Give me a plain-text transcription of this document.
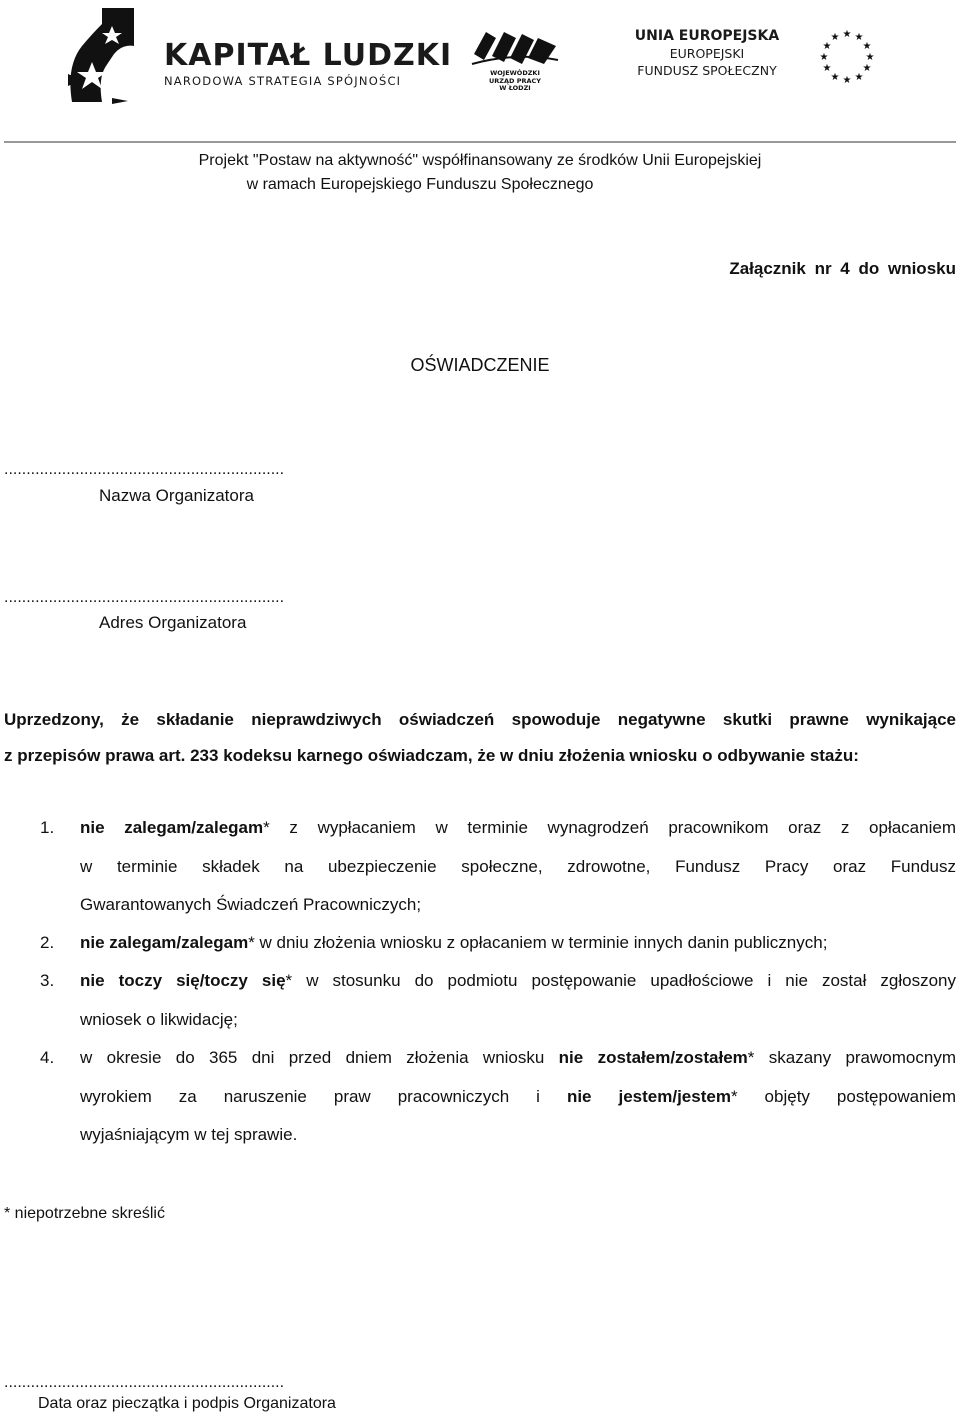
KAPITAŁ LUDZKI
NARODOWA STRATEGIA SPÓJNOŚCI
WOJEWÓDZKI
URZĄD PRACY
W ŁODZI
UNIA EUROPEJSKA
EUROPEJSKI
FUNDUSZ SPOŁECZNY
★ ★
★
★
★
★
★
★
★
★
★
★
Projekt "Postaw na aktywność" współfinansowany ze środków Unii Europejskiej
w ramach Europejskiego Funduszu Społecznego
Załącznik nr 4 do wniosku
OŚWIADCZENIE
...............................................................
Nazwa Organizatora
...............................................................
Adres Organizatora
Uprzedzony, że składanie nieprawdziwych oświadczeń spowoduje negatywne skutki prawne wynikające
z przepisów prawa art. 233 kodeksu karnego oświadczam, że w dniu złożenia wniosku o odbywanie stażu:
1. nie zalegam/zalegam* z wypłacaniem w terminie wynagrodzeń pracownikom oraz z opłacaniem
w terminie składek na ubezpieczenie społeczne, zdrowotne, Fundusz Pracy oraz Fundusz
Gwarantowanych Świadczeń Pracowniczych;
2. nie zalegam/zalegam* w dniu złożenia wniosku z opłacaniem w terminie innych danin publicznych;
3. nie toczy się/toczy się* w stosunku do podmiotu postępowanie upadłościowe i nie został zgłoszony
wniosek o likwidację;
4. w okresie do 365 dni przed dniem złożenia wniosku nie zostałem/zostałem* skazany prawomocnym
wyrokiem za naruszenie praw pracowniczych i nie jestem/jestem* objęty postępowaniem
wyjaśniającym w tej sprawie.
* niepotrzebne skreślić
...............................................................
Data oraz pieczątka i podpis Organizatora
